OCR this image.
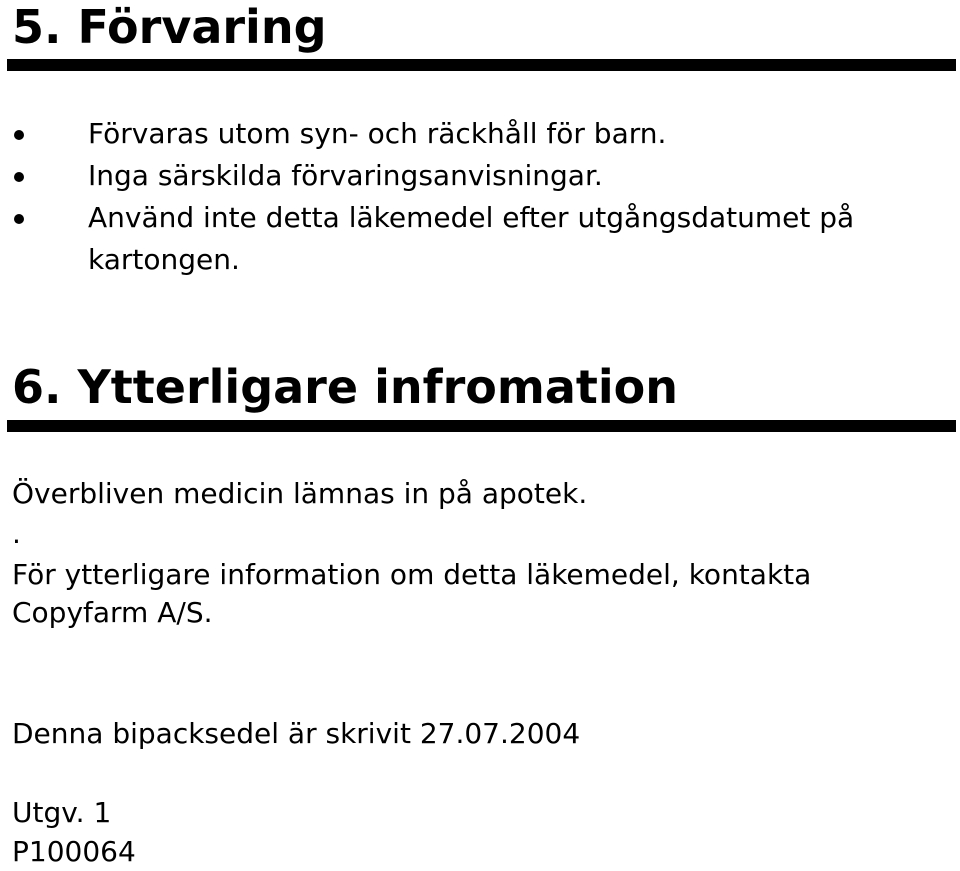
5. Förvaring
Förvaras utom syn- och räckhåll för barn.
Inga särskilda förvaringsanvisningar.
Använd inte detta läkemedel efter utgångsdatumet på kartongen.
6. Ytterligare infromation

Överbliven medicin lämnas in på apotek.

.

För ytterligare information om detta läkemedel, kontakta

Copyfarm A/S.

Denna bipacksedel är skrivit 27.07.2004

Utgv. 1

P100064
